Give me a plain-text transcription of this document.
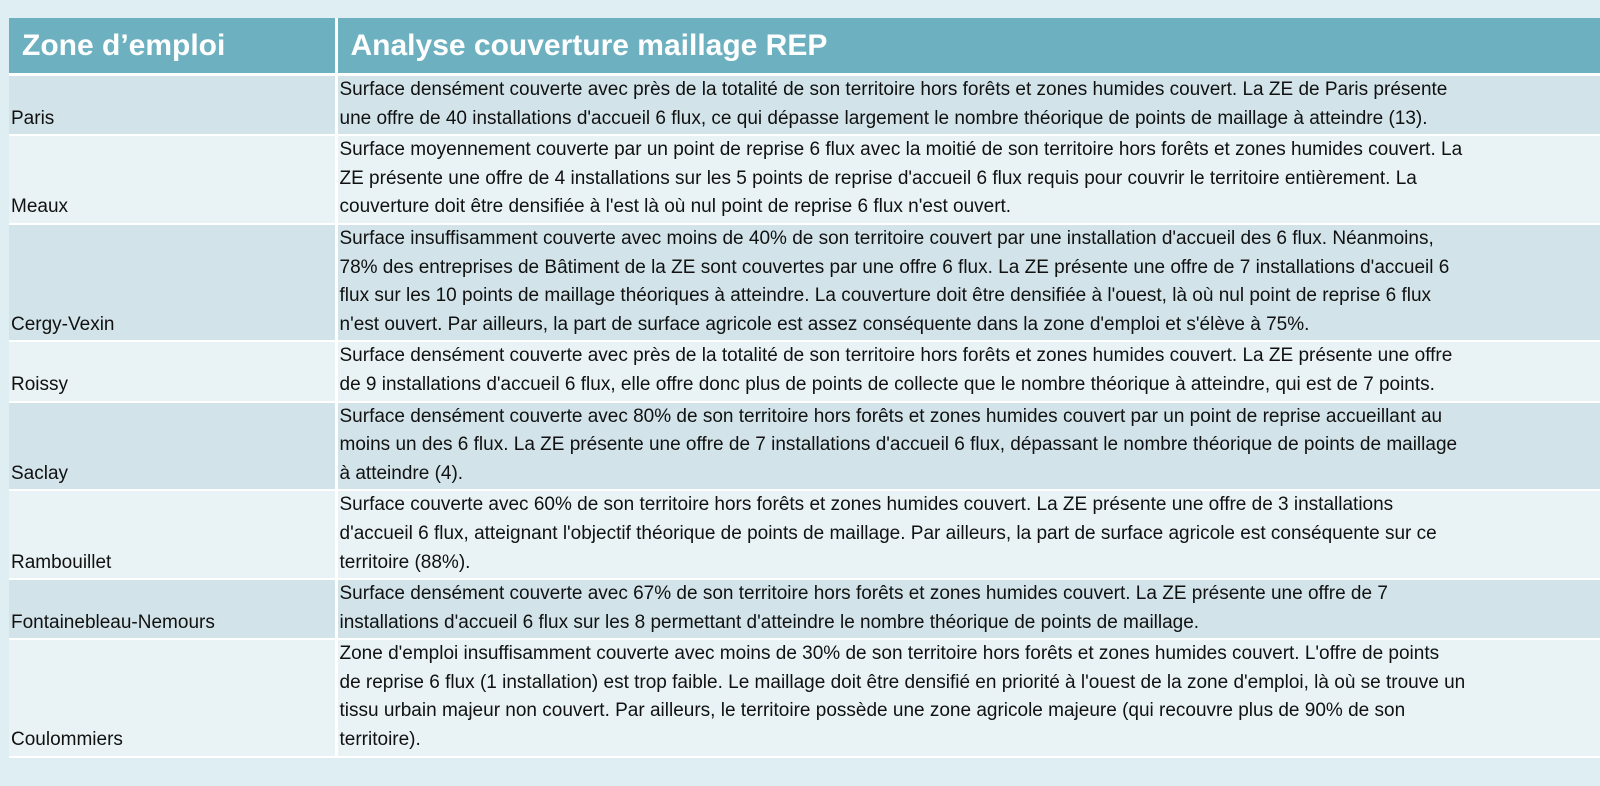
Zone d’emploi	Analyse couverture maillage REP
Paris	Surface densément couverte avec près de la totalité de son territoire hors forêts et zones humides couvert. La ZE de Paris présente
une offre de 40 installations d'accueil 6 flux, ce qui dépasse largement le nombre théorique de points de maillage à atteindre (13).

Meaux	Surface moyennement couverte par un point de reprise 6 flux avec la moitié de son territoire hors forêts et zones humides couvert. La
ZE présente une offre de 4 installations sur les 5 points de reprise d'accueil 6 flux requis pour couvrir le territoire entièrement. La
couverture doit être densifiée à l'est là où nul point de reprise 6 flux n'est ouvert.

Cergy-Vexin	Surface insuffisamment couverte avec moins de 40% de son territoire couvert par une installation d'accueil des 6 flux. Néanmoins,
78% des entreprises de Bâtiment de la ZE sont couvertes par une offre 6 flux. La ZE présente une offre de 7 installations d'accueil 6
flux sur les 10 points de maillage théoriques à atteindre. La couverture doit être densifiée à l'ouest, là où nul point de reprise 6 flux
n'est ouvert. Par ailleurs, la part de surface agricole est assez conséquente dans la zone d'emploi et s'élève à 75%.

Roissy	Surface densément couverte avec près de la totalité de son territoire hors forêts et zones humides couvert. La ZE présente une offre
de 9 installations d'accueil 6 flux, elle offre donc plus de points de collecte que le nombre théorique à atteindre, qui est de 7 points.

Saclay	Surface densément couverte avec 80% de son territoire hors forêts et zones humides couvert par un point de reprise accueillant au
moins un des 6 flux. La ZE présente une offre de 7 installations d'accueil 6 flux, dépassant le nombre théorique de points de maillage
à atteindre (4).

Rambouillet	Surface couverte avec 60% de son territoire hors forêts et zones humides couvert. La ZE présente une offre de 3 installations
d'accueil 6 flux, atteignant l'objectif théorique de points de maillage. Par ailleurs, la part de surface agricole est conséquente sur ce
territoire (88%).

Fontainebleau-Nemours	Surface densément couverte avec 67% de son territoire hors forêts et zones humides couvert. La ZE présente une offre de 7
installations d'accueil 6 flux sur les 8 permettant d'atteindre le nombre théorique de points de maillage.

Coulommiers	Zone d'emploi insuffisamment couverte avec moins de 30% de son territoire hors forêts et zones humides couvert. L'offre de points
de reprise 6 flux (1 installation) est trop faible. Le maillage doit être densifié en priorité à l'ouest de la zone d'emploi, là où se trouve un
tissu urbain majeur non couvert. Par ailleurs, le territoire possède une zone agricole majeure (qui recouvre plus de 90% de son
territoire).
